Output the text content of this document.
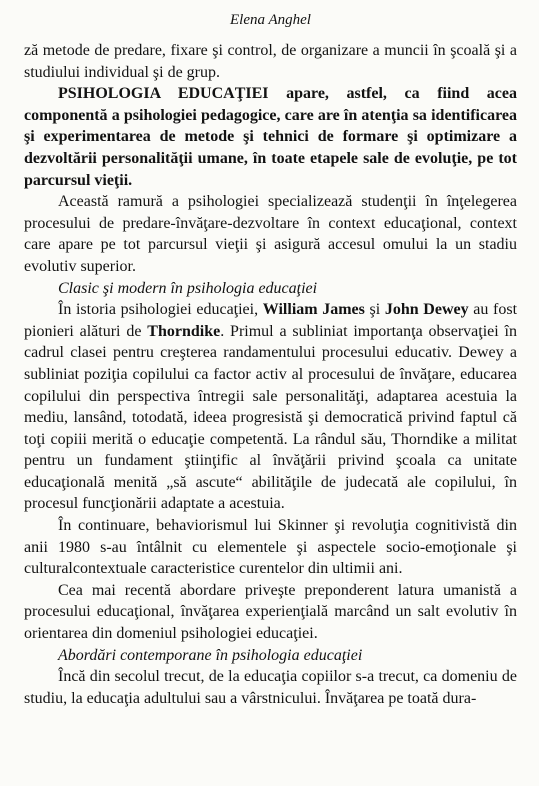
Elena Anghel

ză metode de predare, fixare şi control, de organizare a muncii în şcoală şi a studiului individual şi de grup.

PSIHOLOGIA EDUCAŢIEI apare, astfel, ca fiind acea componentă a psihologiei pedagogice, care are în atenţia sa identificarea şi experimentarea de metode şi tehnici de formare şi optimizare a dezvoltării personalităţii umane, în toate etapele sale de evoluţie, pe tot parcursul vieţii.

Această ramură a psihologiei specializează studenţii în înţelegerea procesului de predare-învăţare-dezvoltare în context educaţional, context care apare pe tot parcursul vieţii şi asigură accesul omului la un stadiu evolutiv superior.

Clasic şi modern în psihologia educaţiei

În istoria psihologiei educaţiei, William James şi John Dewey au fost pionieri alături de Thorndike. Primul a subliniat importanţa observaţiei în cadrul clasei pentru creşterea randamentului procesului educativ. Dewey a subliniat poziţia copilului ca factor activ al procesului de învăţare, educarea copilului din perspectiva întregii sale personalităţi, adaptarea acestuia la mediu, lansând, totodată, ideea progresistă şi democratică privind faptul că toţi copiii merită o educaţie competentă. La rândul său, Thorndike a militat pentru un fundament ştiinţific al învăţării privind şcoala ca unitate educaţională menită „să ascute“ abilităţile de judecată ale copilului, în procesul funcţionării adaptate a acestuia.

În continuare, behaviorismul lui Skinner şi revoluţia cognitivistă din anii 1980 s-au întâlnit cu elementele şi aspectele socio-emoţionale şi culturalcontextuale caracteristice curentelor din ultimii ani.

Cea mai recentă abordare priveşte preponderent latura umanistă a procesului educaţional, învăţarea experienţială marcând un salt evolutiv în orientarea din domeniul psihologiei educaţiei.

Abordări contemporane în psihologia educaţiei

Încă din secolul trecut, de la educaţia copiilor s-a trecut, ca domeniu de studiu, la educaţia adultului sau a vârstnicului. Învăţarea pe toată dura-
